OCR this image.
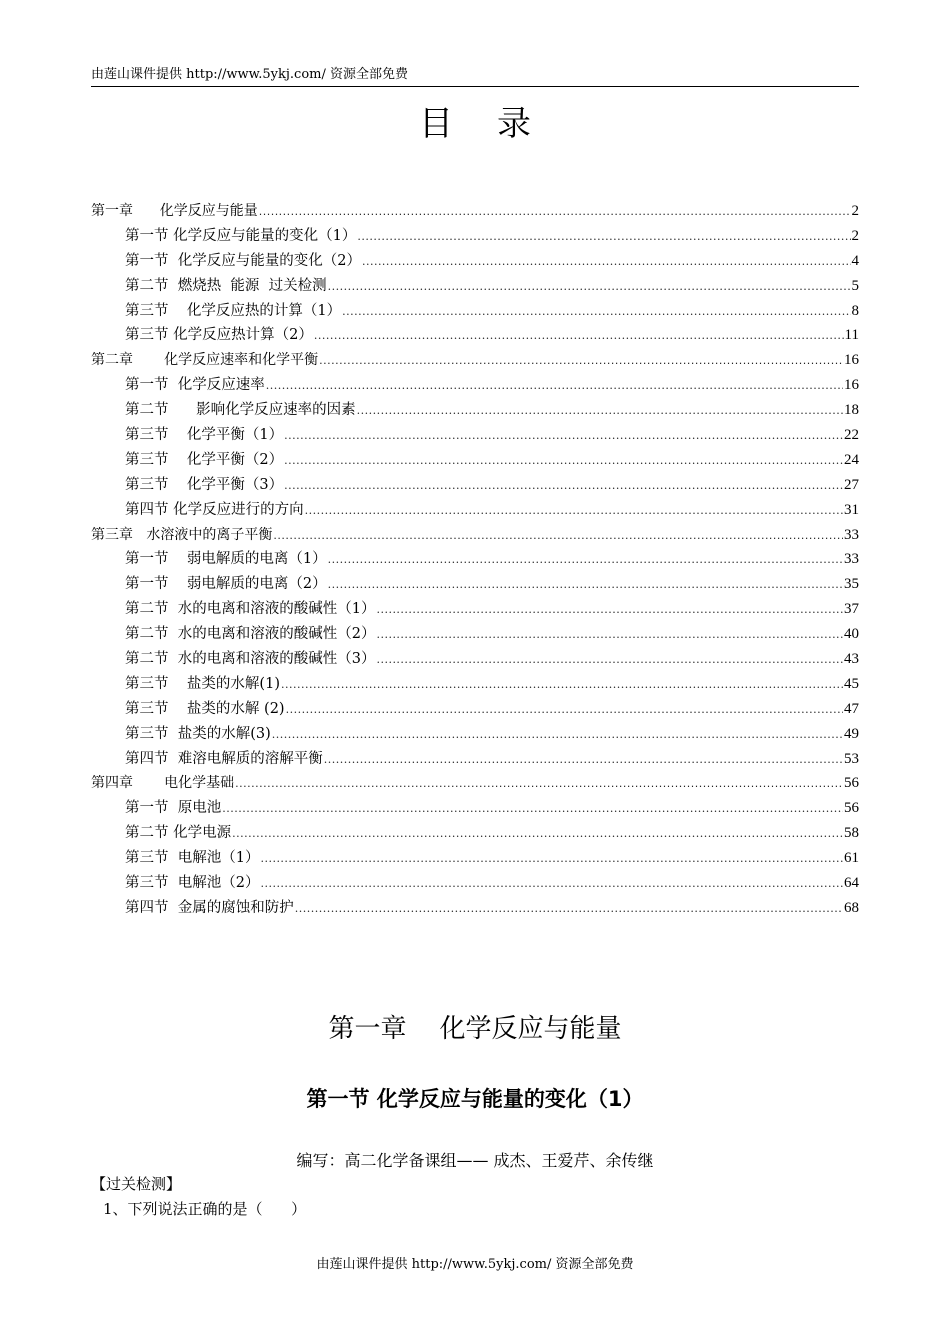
由莲山课件提供 http://www.5ykj.com/ 资源全部免费
目录
第一章      化学反应与能量 .....	2
第一节 化学反应与能量的变化（1） .....	2
第一节  化学反应与能量的变化（2） .....	4
第二节  燃烧热  能源  过关检测 .....	5
第三节    化学反应热的计算（1） .....	8
第三节 化学反应热计算（2） .....	11
第二章       化学反应速率和化学平衡 .....	16
第一节  化学反应速率 .....	16
第二节      影响化学反应速率的因素 .....	18
第三节    化学平衡（1） .....	22
第三节    化学平衡（2） .....	24
第三节    化学平衡（3） .....	27
第四节 化学反应进行的方向 .....	31
第三章   水溶液中的离子平衡 .....	33
第一节    弱电解质的电离（1） .....	33
第一节    弱电解质的电离（2） .....	35
第二节  水的电离和溶液的酸碱性（1） .....	37
第二节  水的电离和溶液的酸碱性（2） .....	40
第二节  水的电离和溶液的酸碱性（3） .....	43
第三节    盐类的水解(1) .....	45
第三节    盐类的水解 (2) .....	47
第三节  盐类的水解(3) .....	49
第四节  难溶电解质的溶解平衡 .....	53
第四章       电化学基础 .....	56
第一节  原电池 .....	56
第二节 化学电源 .....	58
第三节  电解池（1） .....	61
第三节  电解池（2） .....	64
第四节  金属的腐蚀和防护 .....	68
第一章    化学反应与能量
第一节 化学反应与能量的变化（1）
编写：高二化学备课组—— 成杰、王爱芹、余传继
【过关检测】
1、下列说法正确的是（      ）
由莲山课件提供 http://www.5ykj.com/ 资源全部免费
